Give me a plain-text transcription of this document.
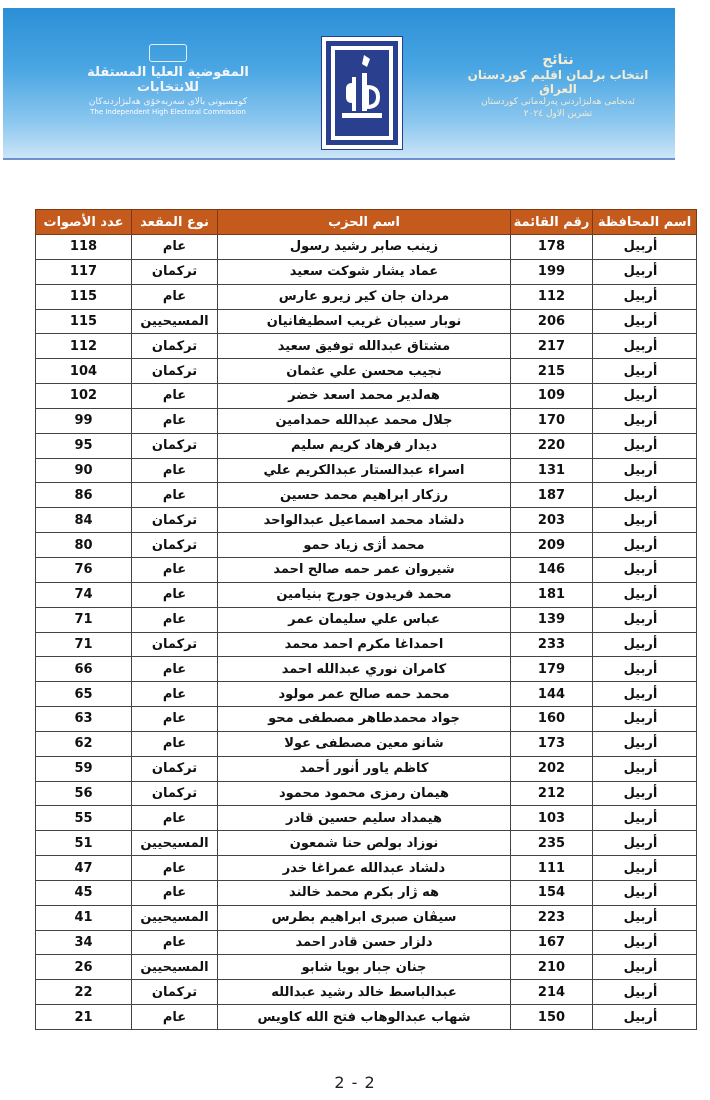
المفوضية العليا المستقلة للانتخابات
كومسيونى بالاى سەربەخۆى هەلبژاردنەكان
The Independent High Electoral Commission
نتائج
انتخاب برلمان اقليم كوردستان العراق
ئەنجامى هەلبژاردنى پەرلەمانى كوردستان
تشرين الاول ٢٠٢٤
اسم المحافظة	رقم القائمة	اسم الحزب	نوع المقعد	عدد الأصوات
أربيل	178	زينب صابر رشيد رسول	عام	118
أربيل	199	عماد يشار شوكت سعيد	تركمان	117
أربيل	112	مردان جان كير زيرو عارس	عام	115
أربيل	206	نوبار سيبان غريب اسطيفانيان	المسيحيين	115
أربيل	217	مشتاق عبدالله توفيق سعيد	تركمان	112
أربيل	215	نجيب محسن علي عثمان	تركمان	104
أربيل	109	هەلدير محمد اسعد خضر	عام	102
أربيل	170	جلال محمد عبدالله حمدامين	عام	99
أربيل	220	ديدار فرهاد كريم سليم	تركمان	95
أربيل	131	اسراء عبدالستار عبدالكريم علي	عام	90
أربيل	187	رزكار ابراهيم محمد حسين	عام	86
أربيل	203	دلشاد محمد اسماعيل عبدالواحد	تركمان	84
أربيل	209	محمد أژى زياد حمو	تركمان	80
أربيل	146	شيروان عمر حمه صالح احمد	عام	76
أربيل	181	محمد فريدون جورج بنيامين	عام	74
أربيل	139	عباس علي سليمان عمر	عام	71
أربيل	233	احمداغا مكرم احمد محمد	تركمان	71
أربيل	179	كامران نوري عبدالله احمد	عام	66
أربيل	144	محمد حمه صالح عمر مولود	عام	65
أربيل	160	جواد محمدطاهر مصطفى محو	عام	63
أربيل	173	شانو معين مصطفى عولا	عام	62
أربيل	202	كاظم ياور أنور أحمد	تركمان	59
أربيل	212	هيمان رمزى محمود محمود	تركمان	56
أربيل	103	هيمداد سليم حسين قادر	عام	55
أربيل	235	نوزاد بولص حنا شمعون	المسيحيين	51
أربيل	111	دلشاد عبدالله عمراغا خدر	عام	47
أربيل	154	هه ژار بكرم محمد خالند	عام	45
أربيل	223	سيڤان صبرى ابراهيم بطرس	المسيحيين	41
أربيل	167	دلزار حسن قادر احمد	عام	34
أربيل	210	جنان جبار بويا شابو	المسيحيين	26
أربيل	214	عبدالباسط خالد رشيد عبدالله	تركمان	22
أربيل	150	شهاب عبدالوهاب فتح الله كاويس	عام	21
2 - 2
